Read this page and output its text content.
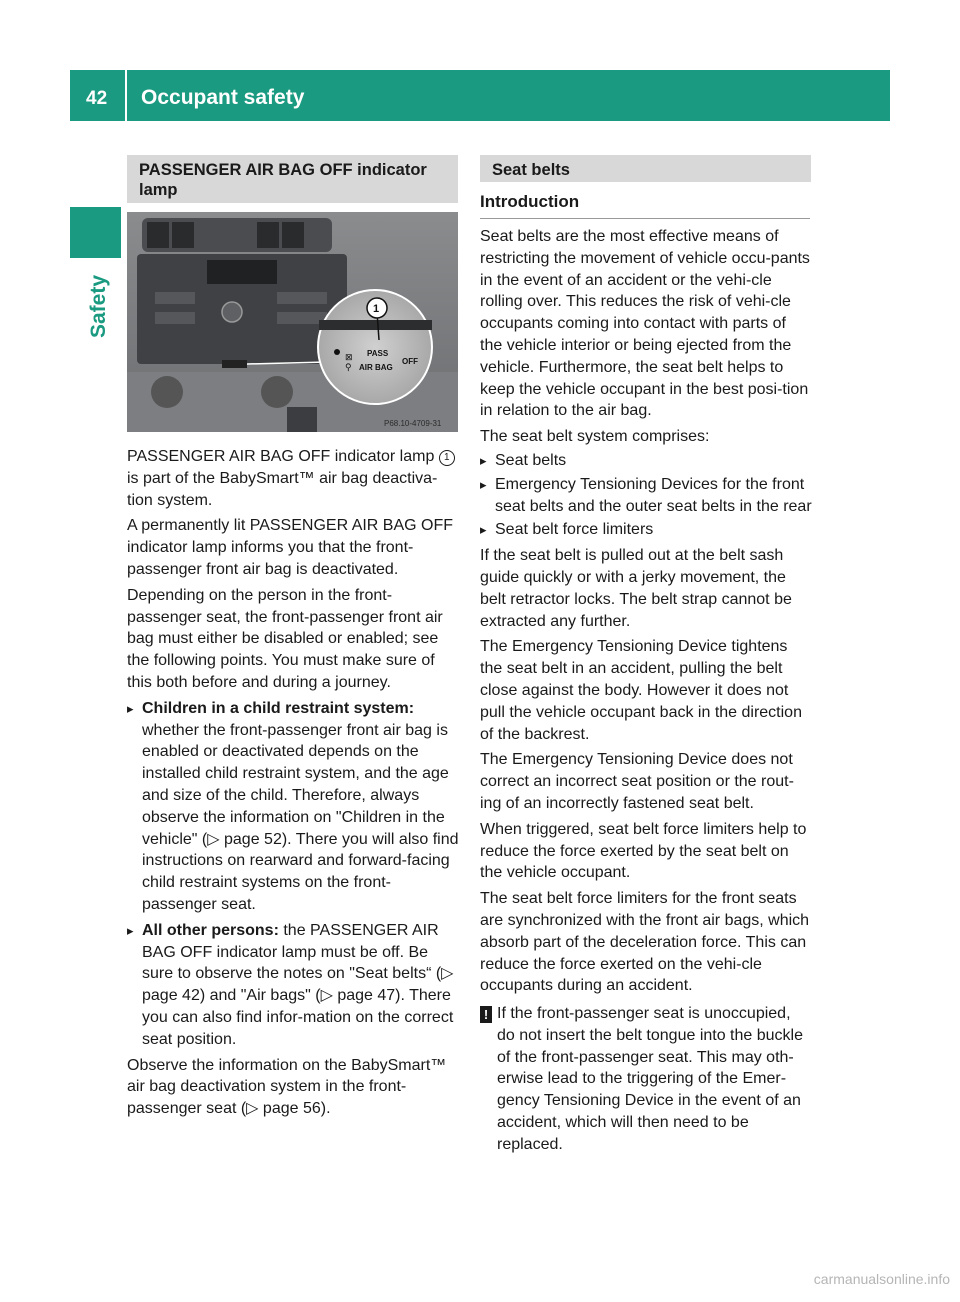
42 Occupant safety
Safety
PASSENGER AIR BAG OFF indicator lamp
⊠ PASS
⚲ AIR BAG
OFF
1
P68.10-4709-31

PASSENGER AIR BAG OFF indicator lamp 1 is part of the BabySmart™ air bag deactiva-tion system.

A permanently lit PASSENGER AIR BAG OFF indicator lamp informs you that the front-passenger front air bag is deactivated.

Depending on the person in the front-passenger seat, the front-passenger front air bag must either be disabled or enabled; see the following points. You must make sure of this both before and during a journey.

▸ Children in a child restraint system: whether the front-passenger front air bag is enabled or deactivated depends on the installed child restraint system, and the age and size of the child. Therefore, always observe the information on "Children in the vehicle" (▷ page 52). There you will also find instructions on rearward and forward-facing child restraint systems on the front-passenger seat.

▸ All other persons: the PASSENGER AIR BAG OFF indicator lamp must be off. Be sure to observe the notes on "Seat belts“ (▷ page 42) and "Air bags" (▷ page 47). There you can also find infor-mation on the correct seat position.

Observe the information on the BabySmart™ air bag deactivation system in the front-passenger seat (▷ page 56).

Seat belts
Introduction

Seat belts are the most effective means of restricting the movement of vehicle occu-pants in the event of an accident or the vehi-cle rolling over. This reduces the risk of vehi-cle occupants coming into contact with parts of the vehicle interior or being ejected from the vehicle. Furthermore, the seat belt helps to keep the vehicle occupant in the best posi-tion in relation to the air bag.

The seat belt system comprises:

▸ Seat belts

▸ Emergency Tensioning Devices for the front seat belts and the outer seat belts in the rear

▸ Seat belt force limiters

If the seat belt is pulled out at the belt sash guide quickly or with a jerky movement, the belt retractor locks. The belt strap cannot be extracted any further.

The Emergency Tensioning Device tightens the seat belt in an accident, pulling the belt close against the body. However it does not pull the vehicle occupant back in the direction of the backrest.

The Emergency Tensioning Device does not correct an incorrect seat position or the rout-ing of an incorrectly fastened seat belt.

When triggered, seat belt force limiters help to reduce the force exerted by the seat belt on the vehicle occupant.

The seat belt force limiters for the front seats are synchronized with the front air bags, which absorb part of the deceleration force. This can reduce the force exerted on the vehi-cle occupants during an accident.

! If the front-passenger seat is unoccupied, do not insert the belt tongue into the buckle of the front-passenger seat. This may oth-erwise lead to the triggering of the Emer-gency Tensioning Device in the event of an accident, which will then need to be replaced.

carmanualsonline.info
